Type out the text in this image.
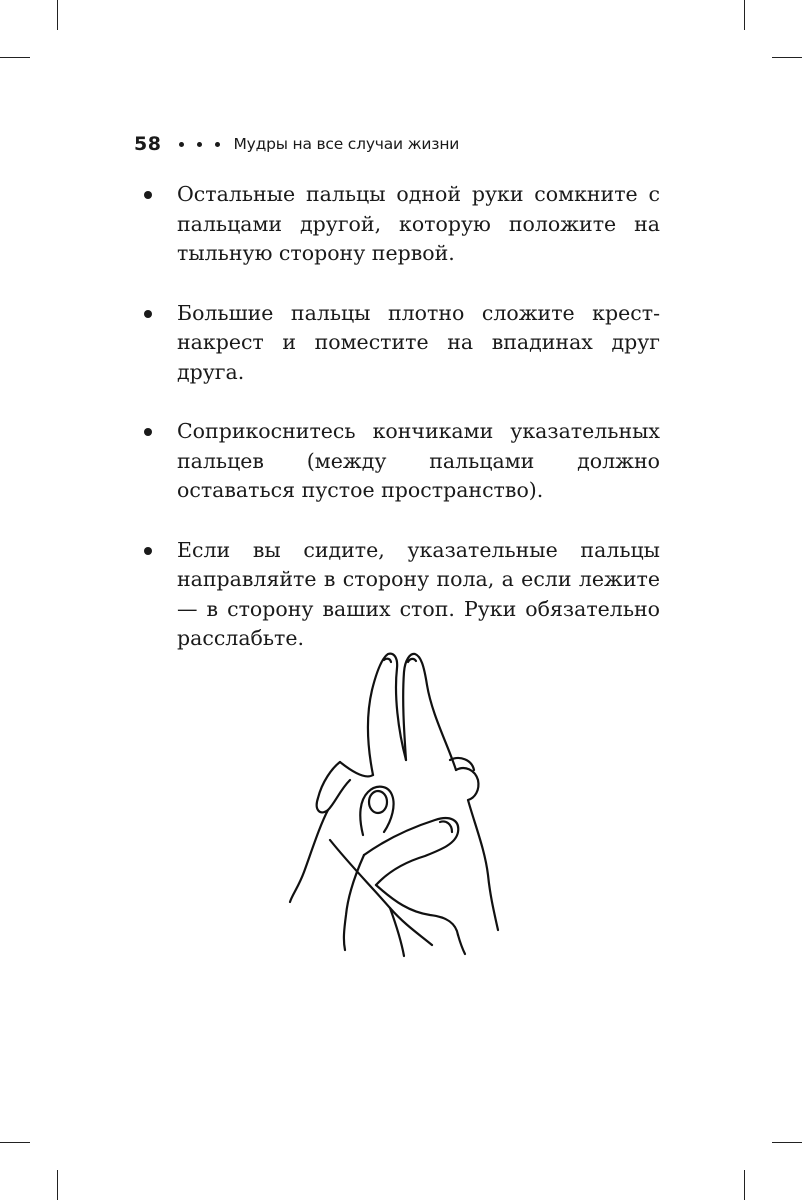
58	Мудры на все случаи жизни
Остальные пальцы одной руки сомкните с пальцами другой, которую положите на тыльную сторону первой.
Большие пальцы плотно сложите крест-накрест и поместите на впадинах друг друга.
Соприкоснитесь кончиками указательных пальцев (между пальцами должно оставаться пустое пространство).
Если вы сидите, указательные пальцы направляйте в сторону пола, а если лежите — в сторону ваших стоп. Руки обязательно расслабьте.
